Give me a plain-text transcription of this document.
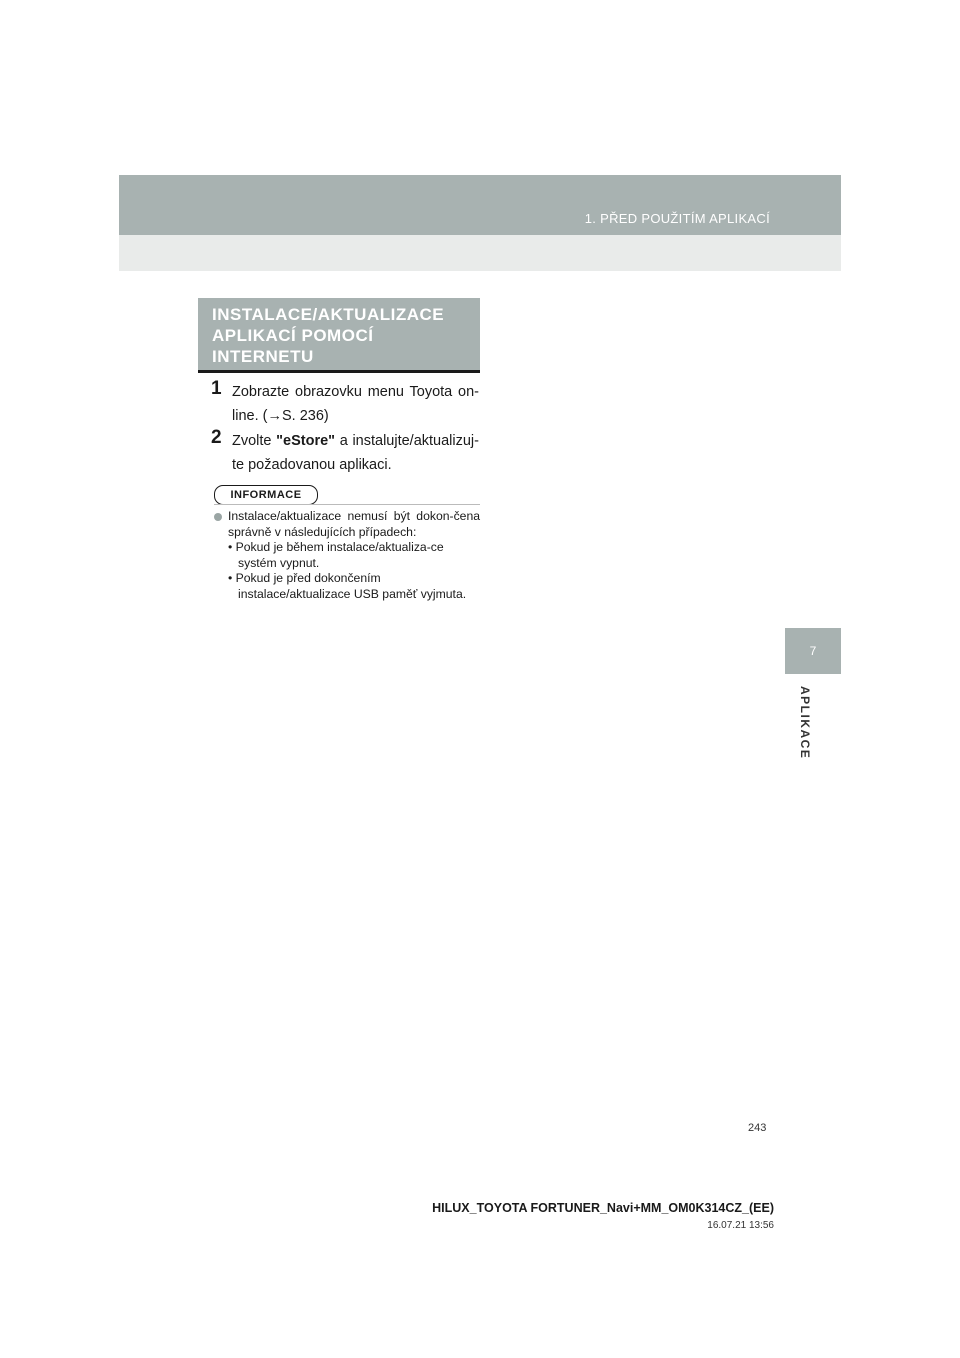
1. PŘED POUŽITÍM APLIKACÍ
7
APLIKACE
INSTALACE/AKTUALIZACE APLIKACÍ POMOCÍ INTERNETU
1 Zobrazte obrazovku menu Toyota on-line. (→S. 236)
2 Zvolte "eStore" a instalujte/aktualizuj-te požadovanou aplikaci.
INFORMACE
Instalace/aktualizace nemusí být dokon-čena správně v následujících případech:
• Pokud je během instalace/aktualiza-ce systém vypnut.
• Pokud je před dokončením instalace/aktualizace USB paměť vyjmuta.
243
HILUX_TOYOTA FORTUNER_Navi+MM_OM0K314CZ_(EE)
16.07.21 13:56
